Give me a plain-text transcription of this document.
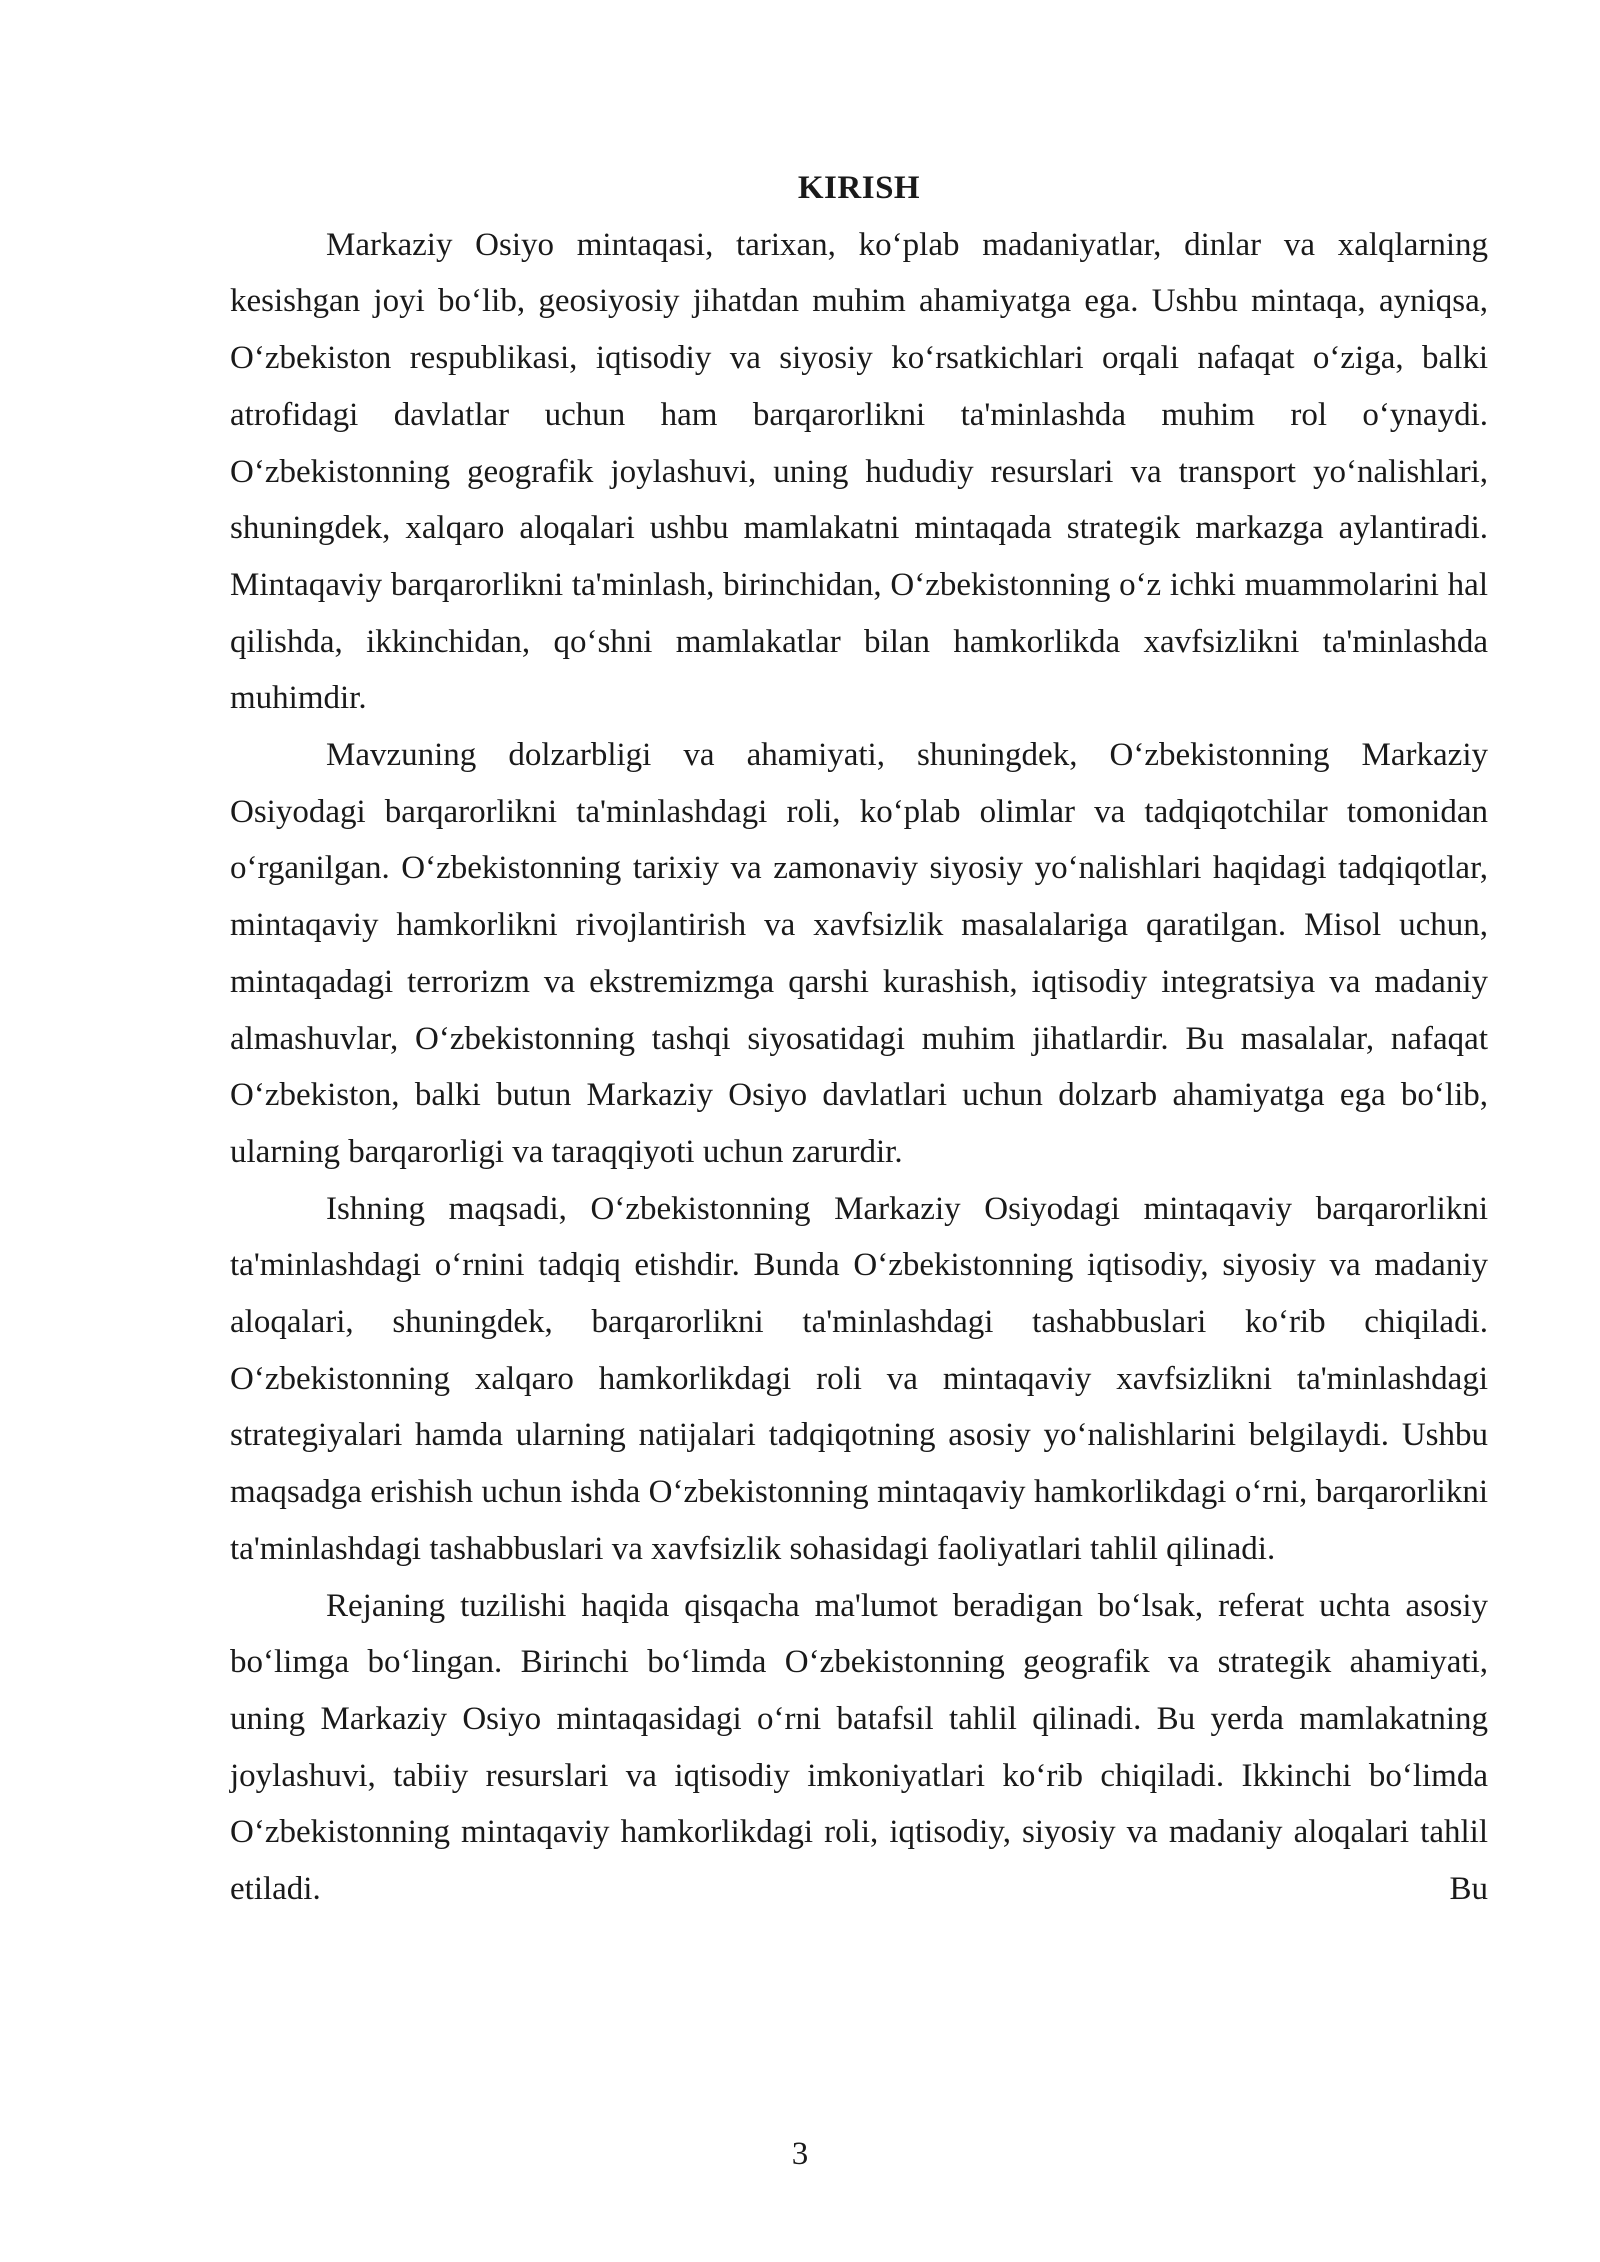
KIRISH

Markaziy Osiyo mintaqasi, tarixan, ko‘plab madaniyatlar, dinlar va xalqlarning kesishgan joyi bo‘lib, geosiyosiy jihatdan muhim ahamiyatga ega. Ushbu mintaqa, ayniqsa, O‘zbekiston respublikasi, iqtisodiy va siyosiy ko‘rsatkichlari orqali nafaqat o‘ziga, balki atrofidagi davlatlar uchun ham barqarorlikni ta'minlashda muhim rol o‘ynaydi. O‘zbekistonning geografik joylashuvi, uning hududiy resurslari va transport yo‘nalishlari, shuningdek, xalqaro aloqalari ushbu mamlakatni mintaqada strategik markazga aylantiradi. Mintaqaviy barqarorlikni ta'minlash, birinchidan, O‘zbekistonning o‘z ichki muammolarini hal qilishda, ikkinchidan, qo‘shni mamlakatlar bilan hamkorlikda xavfsizlikni ta'minlashda muhimdir.

Mavzuning dolzarbligi va ahamiyati, shuningdek, O‘zbekistonning Markaziy Osiyodagi barqarorlikni ta'minlashdagi roli, ko‘plab olimlar va tadqiqotchilar tomonidan o‘rganilgan. O‘zbekistonning tarixiy va zamonaviy siyosiy yo‘nalishlari haqidagi tadqiqotlar, mintaqaviy hamkorlikni rivojlantirish va xavfsizlik masalalariga qaratilgan. Misol uchun, mintaqadagi terrorizm va ekstremizmga qarshi kurashish, iqtisodiy integratsiya va madaniy almashuvlar, O‘zbekistonning tashqi siyosatidagi muhim jihatlardir. Bu masalalar, nafaqat O‘zbekiston, balki butun Markaziy Osiyo davlatlari uchun dolzarb ahamiyatga ega bo‘lib, ularning barqarorligi va taraqqiyoti uchun zarurdir.

Ishning maqsadi, O‘zbekistonning Markaziy Osiyodagi mintaqaviy barqarorlikni ta'minlashdagi o‘rnini tadqiq etishdir. Bunda O‘zbekistonning iqtisodiy, siyosiy va madaniy aloqalari, shuningdek, barqarorlikni ta'minlashdagi tashabbuslari ko‘rib chiqiladi. O‘zbekistonning xalqaro hamkorlikdagi roli va mintaqaviy xavfsizlikni ta'minlashdagi strategiyalari hamda ularning natijalari tadqiqotning asosiy yo‘nalishlarini belgilaydi. Ushbu maqsadga erishish uchun ishda O‘zbekistonning mintaqaviy hamkorlikdagi o‘rni, barqarorlikni ta'minlashdagi tashabbuslari va xavfsizlik sohasidagi faoliyatlari tahlil qilinadi.

Rejaning tuzilishi haqida qisqacha ma'lumot beradigan bo‘lsak, referat uchta asosiy bo‘limga bo‘lingan. Birinchi bo‘limda O‘zbekistonning geografik va strategik ahamiyati, uning Markaziy Osiyo mintaqasidagi o‘rni batafsil tahlil qilinadi. Bu yerda mamlakatning joylashuvi, tabiiy resurslari va iqtisodiy imkoniyatlari ko‘rib chiqiladi. Ikkinchi bo‘limda O‘zbekistonning mintaqaviy hamkorlikdagi roli, iqtisodiy, siyosiy va madaniy aloqalari tahlil etiladi. Bu

3
